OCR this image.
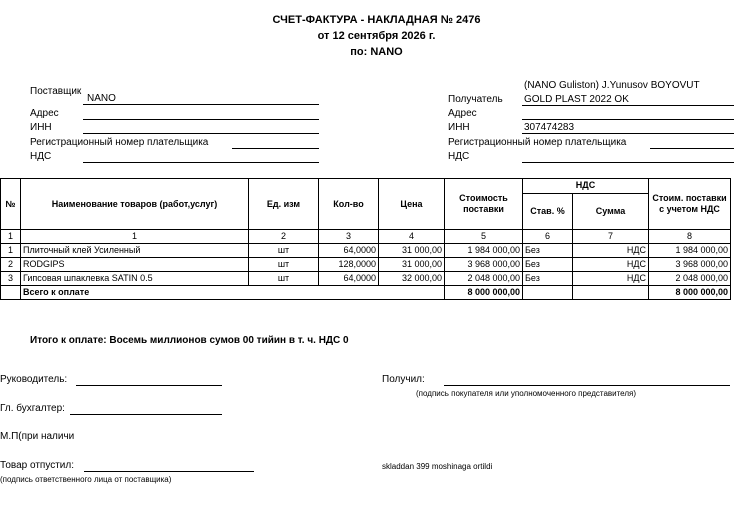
СЧЕТ-ФАКТУРА - НАКЛАДНАЯ № 2476
от 12 сентября 2026 г.
по: NANO
Поставщик
NANO
Адрес
ИНН
Регистрационный номер плательщика
НДС
(NANO Guliston) J.Yunusov BOYOVUT
Получатель GOLD PLAST 2022 OK
Адрес
ИНН	307474283
Регистрационный номер плательщика
НДС
№	Наименование товаров (работ,услуг)	Ед. изм	Кол-во	Цена	Стоимость поставки	НДС		Стоим. поставки с учетом НДС
						Став. %	Сумма	
1	1	2	3	4	5	6	7	8
1	Плиточный клей Усиленный	шт	64,0000	31 000,00	1 984 000,00	Без	НДС	1 984 000,00
2	RODGIPS	шт	128,0000	31 000,00	3 968 000,00	Без	НДС	3 968 000,00
3	Гипсовая шпаклевка SATIN 0.5	шт	64,0000	32 000,00	2 048 000,00	Без	НДС	2 048 000,00
	Всего к оплате				8 000 000,00			8 000 000,00
Итого к оплате: Восемь миллионов сумов 00 тийин в т. ч. НДС 0
Руководитель:	Получил:
(подпись покупателя или уполномоченного представителя)
Гл. бухгалтер:
М.П(при наличи
Товар отпустил:
(подпись ответственного лица от поставщика)
skladdan 399 moshinaga ortildi
